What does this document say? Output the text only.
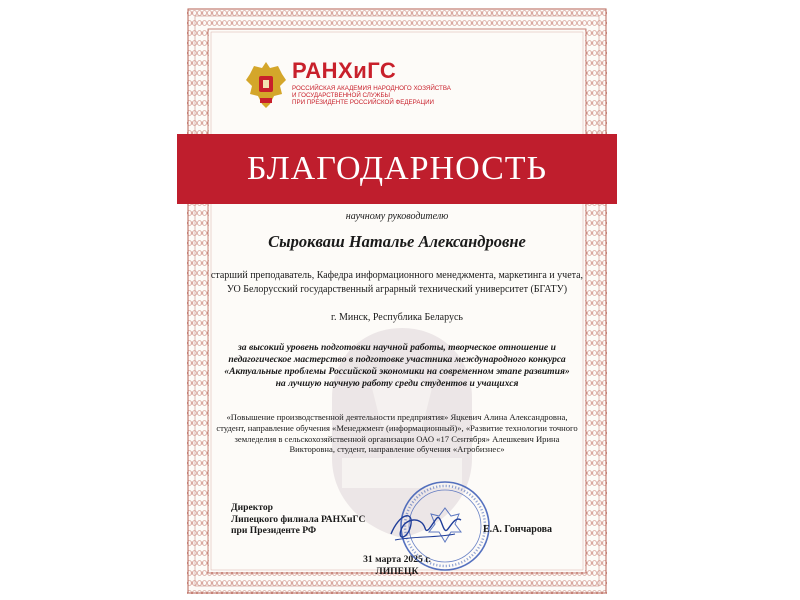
РАНХиГС
РОССИЙСКАЯ АКАДЕМИЯ НАРОДНОГО ХОЗЯЙСТВА
И ГОСУДАРСТВЕННОЙ СЛУЖБЫ
ПРИ ПРЕЗИДЕНТЕ РОССИЙСКОЙ ФЕДЕРАЦИИ
БЛАГОДАРНОСТЬ
научному руководителю
Сырокваш Наталье Александровне
старший преподаватель, Кафедра информационного менеджмента, маркетинга и учета, УО Белорусский государственный аграрный технический университет (БГАТУ)
г. Минск, Республика Беларусь
за высокий уровень подготовки научной работы, творческое отношение и педагогическое мастерство в подготовке участника международного конкурса «Актуальные проблемы Российской экономики на современном этапе развития» на лучшую научную работу среди студентов и учащихся
«Повышение производственной деятельности предприятия» Яцкевич Алина Александровна, студент, направление обучения «Менеджмент (информационный)», «Развитие технологии точного земледелия в сельскохозяйственной организации ОАО «17 Сентября» Алешкевич Ирина Викторовна, студент, направление обучения «Агробизнес»
Директор
Липецкого филиала РАНХиГС
при Президенте РФ	Е.А. Гончарова
31 марта 2025 г.
ЛИПЕЦК
